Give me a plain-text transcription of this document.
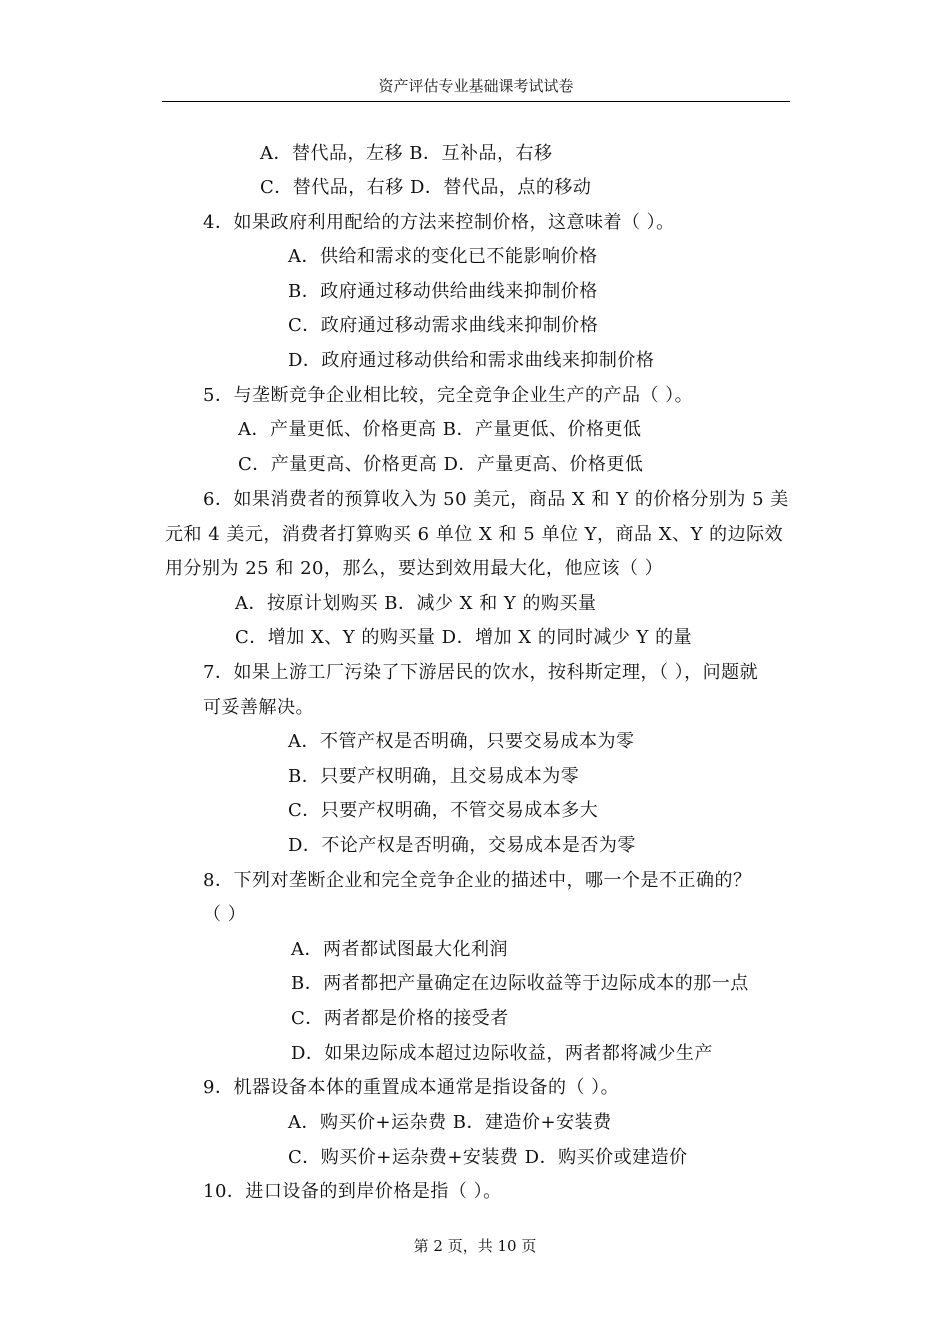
资产评估专业基础课考试试卷
A．替代品，左移 B．互补品，右移
C．替代品，右移 D．替代品，点的移动
4．如果政府利用配给的方法来控制价格，这意味着（ ）。
A．供给和需求的变化已不能影响价格
B．政府通过移动供给曲线来抑制价格
C．政府通过移动需求曲线来抑制价格
D．政府通过移动供给和需求曲线来抑制价格
5．与垄断竞争企业相比较，完全竞争企业生产的产品（ ）。
A．产量更低、价格更高 B．产量更低、价格更低
C．产量更高、价格更高 D．产量更高、价格更低
6．如果消费者的预算收入为 50 美元，商品 X 和 Y 的价格分别为 5 美
元和 4 美元，消费者打算购买 6 单位 X 和 5 单位 Y，商品 X、Y 的边际效
用分别为 25 和 20，那么，要达到效用最大化，他应该（ ）
A．按原计划购买 B．减少 X 和 Y 的购买量
C．增加 X、Y 的购买量 D．增加 X 的同时减少 Y 的量
7．如果上游工厂污染了下游居民的饮水，按科斯定理，（ ），问题就
可妥善解决。
A．不管产权是否明确，只要交易成本为零
B．只要产权明确，且交易成本为零
C．只要产权明确，不管交易成本多大
D．不论产权是否明确，交易成本是否为零
8．下列对垄断企业和完全竞争企业的描述中，哪一个是不正确的？
（ ）
A．两者都试图最大化利润
B．两者都把产量确定在边际收益等于边际成本的那一点
C．两者都是价格的接受者
D．如果边际成本超过边际收益，两者都将减少生产
9．机器设备本体的重置成本通常是指设备的（ ）。
A．购买价+运杂费 B．建造价+安装费
C．购买价+运杂费+安装费 D．购买价或建造价
10．进口设备的到岸价格是指（ ）。
第 2 页，共 10 页
